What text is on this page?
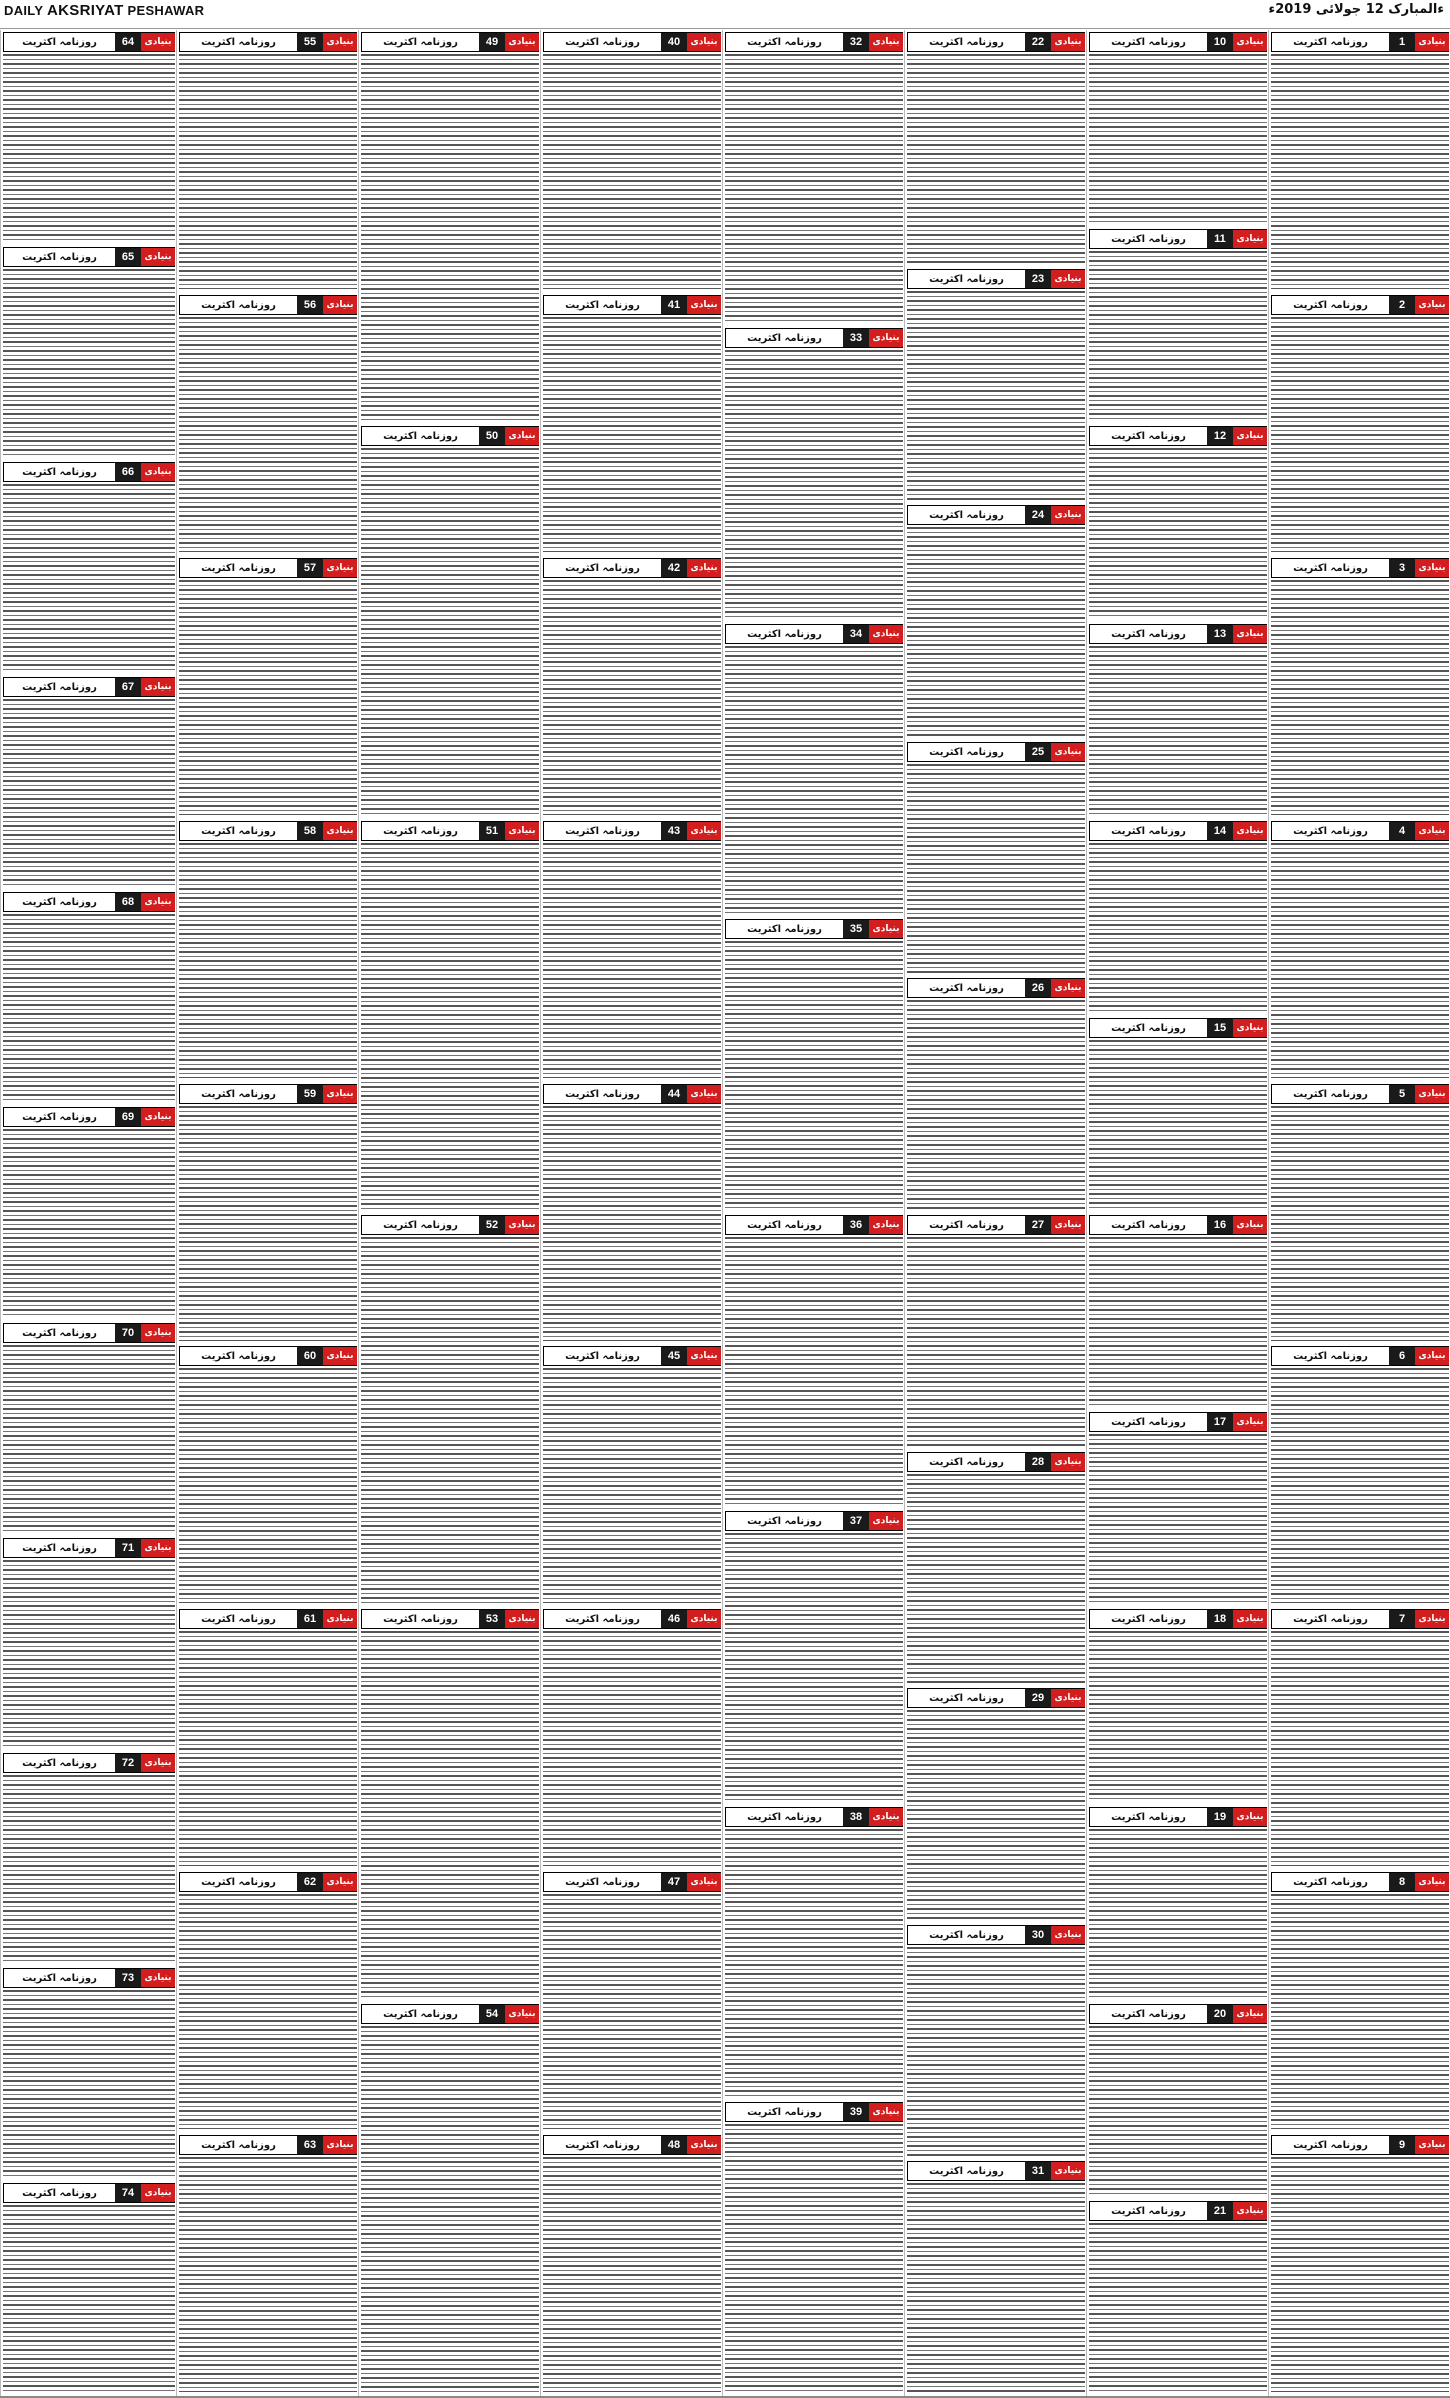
DAILY AKSRIYAT PESHAWAR	ءالمبارک 12 جولائی 2019ء
روزنامہ اکثریت	1	بنیادی
روزنامہ اکثریت	2	بنیادی
روزنامہ اکثریت	3	بنیادی
روزنامہ اکثریت	4	بنیادی
روزنامہ اکثریت	5	بنیادی
روزنامہ اکثریت	6	بنیادی
روزنامہ اکثریت	7	بنیادی
روزنامہ اکثریت	8	بنیادی
روزنامہ اکثریت	9	بنیادی
روزنامہ اکثریت	10	بنیادی
روزنامہ اکثریت	11	بنیادی
روزنامہ اکثریت	12	بنیادی
روزنامہ اکثریت	13	بنیادی
روزنامہ اکثریت	14	بنیادی
روزنامہ اکثریت	15	بنیادی
روزنامہ اکثریت	16	بنیادی
روزنامہ اکثریت	17	بنیادی
روزنامہ اکثریت	18	بنیادی
روزنامہ اکثریت	19	بنیادی
روزنامہ اکثریت	20	بنیادی
روزنامہ اکثریت	21	بنیادی
روزنامہ اکثریت	22	بنیادی
روزنامہ اکثریت	23	بنیادی
روزنامہ اکثریت	24	بنیادی
روزنامہ اکثریت	25	بنیادی
روزنامہ اکثریت	26	بنیادی
روزنامہ اکثریت	27	بنیادی
روزنامہ اکثریت	28	بنیادی
روزنامہ اکثریت	29	بنیادی
روزنامہ اکثریت	30	بنیادی
روزنامہ اکثریت	31	بنیادی
روزنامہ اکثریت	32	بنیادی
روزنامہ اکثریت	33	بنیادی
روزنامہ اکثریت	34	بنیادی
روزنامہ اکثریت	35	بنیادی
روزنامہ اکثریت	36	بنیادی
روزنامہ اکثریت	37	بنیادی
روزنامہ اکثریت	38	بنیادی
روزنامہ اکثریت	39	بنیادی
روزنامہ اکثریت	40	بنیادی
روزنامہ اکثریت	41	بنیادی
روزنامہ اکثریت	42	بنیادی
روزنامہ اکثریت	43	بنیادی
روزنامہ اکثریت	44	بنیادی
روزنامہ اکثریت	45	بنیادی
روزنامہ اکثریت	46	بنیادی
روزنامہ اکثریت	47	بنیادی
روزنامہ اکثریت	48	بنیادی
روزنامہ اکثریت	49	بنیادی
روزنامہ اکثریت	50	بنیادی
روزنامہ اکثریت	51	بنیادی
روزنامہ اکثریت	52	بنیادی
روزنامہ اکثریت	53	بنیادی
روزنامہ اکثریت	54	بنیادی
روزنامہ اکثریت	55	بنیادی
روزنامہ اکثریت	56	بنیادی
روزنامہ اکثریت	57	بنیادی
روزنامہ اکثریت	58	بنیادی
روزنامہ اکثریت	59	بنیادی
روزنامہ اکثریت	60	بنیادی
روزنامہ اکثریت	61	بنیادی
روزنامہ اکثریت	62	بنیادی
روزنامہ اکثریت	63	بنیادی
روزنامہ اکثریت	64	بنیادی
روزنامہ اکثریت	65	بنیادی
روزنامہ اکثریت	66	بنیادی
روزنامہ اکثریت	67	بنیادی
روزنامہ اکثریت	68	بنیادی
روزنامہ اکثریت	69	بنیادی
روزنامہ اکثریت	70	بنیادی
روزنامہ اکثریت	71	بنیادی
روزنامہ اکثریت	72	بنیادی
روزنامہ اکثریت	73	بنیادی
روزنامہ اکثریت	74	بنیادی
